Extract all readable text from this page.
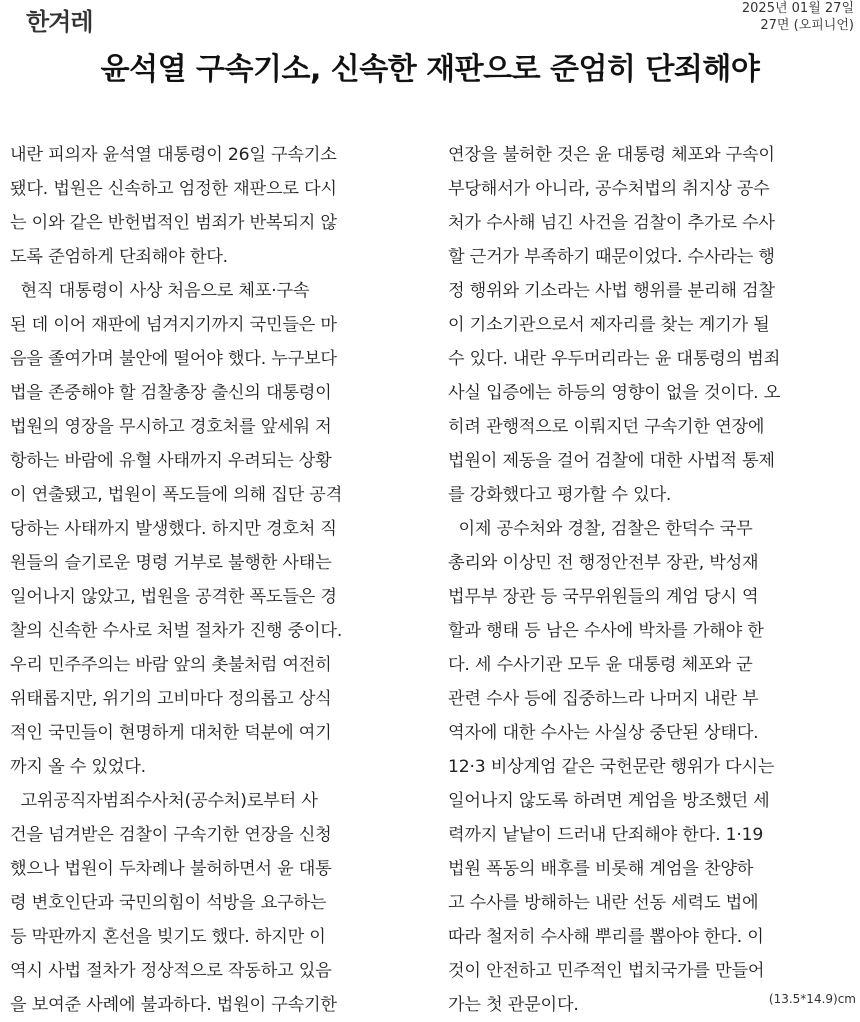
한겨레	2025년 01월 27일
27면 (오피니언)
윤석열 구속기소, 신속한 재판으로 준엄히 단죄해야
내란 피의자 윤석열 대통령이 26일 구속기소
됐다. 법원은 신속하고 엄정한 재판으로 다시
는 이와 같은 반헌법적인 범죄가 반복되지 않
도록 준엄하게 단죄해야 한다.
현직 대통령이 사상 처음으로 체포·구속
된 데 이어 재판에 넘겨지기까지 국민들은 마
음을 졸여가며 불안에 떨어야 했다. 누구보다
법을 존중해야 할 검찰총장 출신의 대통령이
법원의 영장을 무시하고 경호처를 앞세워 저
항하는 바람에 유혈 사태까지 우려되는 상황
이 연출됐고, 법원이 폭도들에 의해 집단 공격
당하는 사태까지 발생했다. 하지만 경호처 직
원들의 슬기로운 명령 거부로 불행한 사태는
일어나지 않았고, 법원을 공격한 폭도들은 경
찰의 신속한 수사로 처벌 절차가 진행 중이다.
우리 민주주의는 바람 앞의 촛불처럼 여전히
위태롭지만, 위기의 고비마다 정의롭고 상식
적인 국민들이 현명하게 대처한 덕분에 여기
까지 올 수 있었다.
고위공직자범죄수사처(공수처)로부터 사
건을 넘겨받은 검찰이 구속기한 연장을 신청
했으나 법원이 두차례나 불허하면서 윤 대통
령 변호인단과 국민의힘이 석방을 요구하는
등 막판까지 혼선을 빚기도 했다. 하지만 이
역시 사법 절차가 정상적으로 작동하고 있음
을 보여준 사례에 불과하다. 법원이 구속기한
연장을 불허한 것은 윤 대통령 체포와 구속이
부당해서가 아니라, 공수처법의 취지상 공수
처가 수사해 넘긴 사건을 검찰이 추가로 수사
할 근거가 부족하기 때문이었다. 수사라는 행
정 행위와 기소라는 사법 행위를 분리해 검찰
이 기소기관으로서 제자리를 찾는 계기가 될
수 있다. 내란 우두머리라는 윤 대통령의 범죄
사실 입증에는 하등의 영향이 없을 것이다. 오
히려 관행적으로 이뤄지던 구속기한 연장에
법원이 제동을 걸어 검찰에 대한 사법적 통제
를 강화했다고 평가할 수 있다.
이제 공수처와 경찰, 검찰은 한덕수 국무
총리와 이상민 전 행정안전부 장관, 박성재
법무부 장관 등 국무위원들의 계엄 당시 역
할과 행태 등 남은 수사에 박차를 가해야 한
다. 세 수사기관 모두 윤 대통령 체포와 군
관련 수사 등에 집중하느라 나머지 내란 부
역자에 대한 수사는 사실상 중단된 상태다.
12·3 비상계엄 같은 국헌문란 행위가 다시는
일어나지 않도록 하려면 계엄을 방조했던 세
력까지 낱낱이 드러내 단죄해야 한다. 1·19
법원 폭동의 배후를 비롯해 계엄을 찬양하
고 수사를 방해하는 내란 선동 세력도 법에
따라 철저히 수사해 뿌리를 뽑아야 한다. 이
것이 안전하고 민주적인 법치국가를 만들어
가는 첫 관문이다.	(13.5*14.9)cm
